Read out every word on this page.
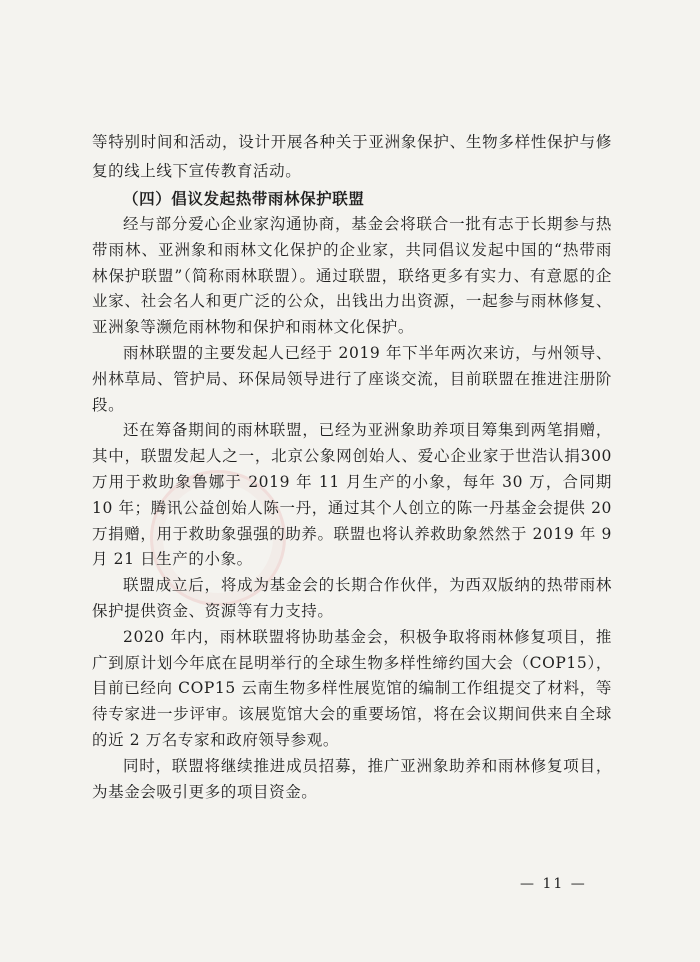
等特别时间和活动，设计开展各种关于亚洲象保护、生物多样性保护与修复的线上线下宣传教育活动。

（四）倡议发起热带雨林保护联盟

经与部分爱心企业家沟通协商，基金会将联合一批有志于长期参与热带雨林、亚洲象和雨林文化保护的企业家，共同倡议发起中国的“热带雨林保护联盟”（简称雨林联盟）。通过联盟，联络更多有实力、有意愿的企业家、社会名人和更广泛的公众，出钱出力出资源，一起参与雨林修复、亚洲象等濒危雨林物和保护和雨林文化保护。

雨林联盟的主要发起人已经于 2019 年下半年两次来访，与州领导、州林草局、管护局、环保局领导进行了座谈交流，目前联盟在推进注册阶段。

还在筹备期间的雨林联盟，已经为亚洲象助养项目筹集到两笔捐赠，其中，联盟发起人之一，北京公象网创始人、爱心企业家于世浩认捐300万用于救助象鲁娜于 2019 年 11 月生产的小象，每年 30 万，合同期 10 年；腾讯公益创始人陈一丹，通过其个人创立的陈一丹基金会提供 20 万捐赠，用于救助象强强的助养。联盟也将认养救助象然然于 2019 年 9 月 21 日生产的小象。

联盟成立后，将成为基金会的长期合作伙伴，为西双版纳的热带雨林保护提供资金、资源等有力支持。

2020 年内，雨林联盟将协助基金会，积极争取将雨林修复项目，推广到原计划今年底在昆明举行的全球生物多样性缔约国大会（COP15），目前已经向 COP15 云南生物多样性展览馆的编制工作组提交了材料，等待专家进一步评审。该展览馆大会的重要场馆，将在会议期间供来自全球的近 2 万名专家和政府领导参观。

同时，联盟将继续推进成员招募，推广亚洲象助养和雨林修复项目，为基金会吸引更多的项目资金。

— 11 —
